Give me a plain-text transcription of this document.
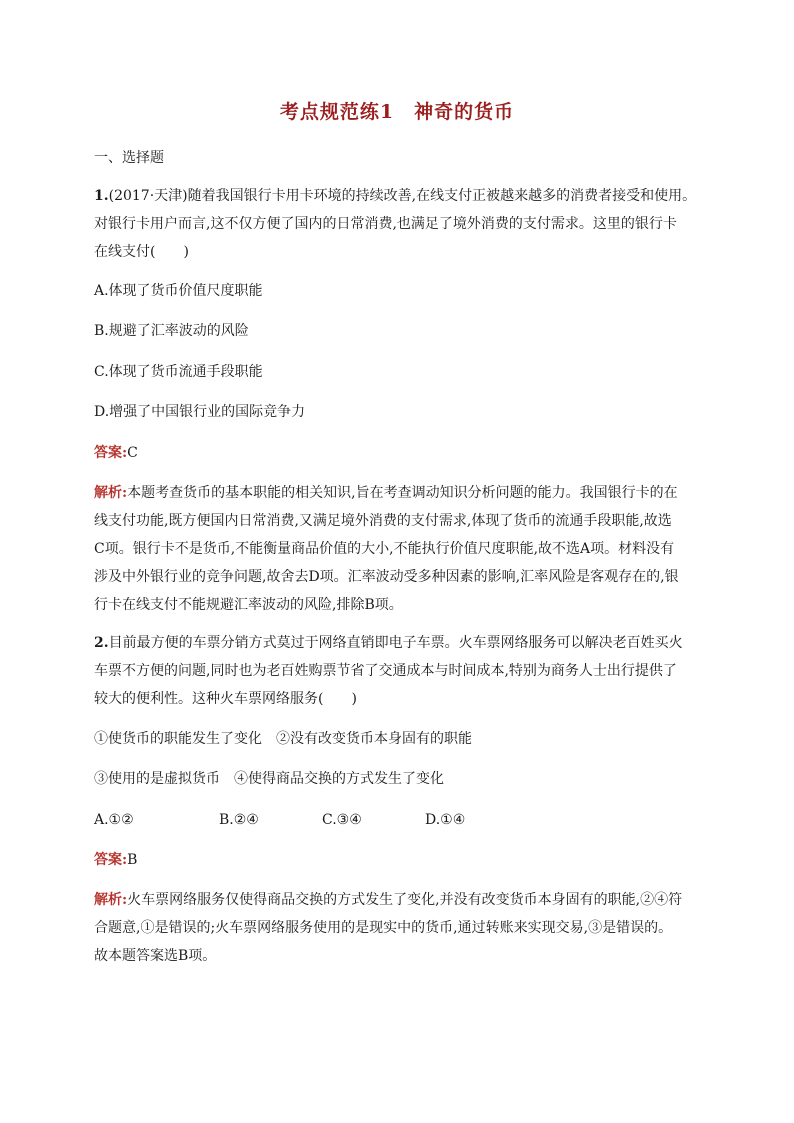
考点规范练1　神奇的货币
一、选择题
1.(2017·天津)随着我国银行卡用卡环境的持续改善,在线支付正被越来越多的消费者接受和使用。
对银行卡用户而言,这不仅方便了国内的日常消费,也满足了境外消费的支付需求。这里的银行卡
在线支付(　　)
A.体现了货币价值尺度职能
B.规避了汇率波动的风险
C.体现了货币流通手段职能
D.增强了中国银行业的国际竞争力
答案:C
解析:本题考查货币的基本职能的相关知识,旨在考查调动知识分析问题的能力。我国银行卡的在
线支付功能,既方便国内日常消费,又满足境外消费的支付需求,体现了货币的流通手段职能,故选
C项。银行卡不是货币,不能衡量商品价值的大小,不能执行价值尺度职能,故不选A项。材料没有
涉及中外银行业的竞争问题,故舍去D项。汇率波动受多种因素的影响,汇率风险是客观存在的,银
行卡在线支付不能规避汇率波动的风险,排除B项。
2.目前最方便的车票分销方式莫过于网络直销即电子车票。火车票网络服务可以解决老百姓买火
车票不方便的问题,同时也为老百姓购票节省了交通成本与时间成本,特别为商务人士出行提供了
较大的便利性。这种火车票网络服务(　　)
①使货币的职能发生了变化　②没有改变货币本身固有的职能
③使用的是虚拟货币　④使得商品交换的方式发生了变化
A.①②	B.②④	C.③④	D.①④
答案:B
解析:火车票网络服务仅使得商品交换的方式发生了变化,并没有改变货币本身固有的职能,②④符
合题意,①是错误的;火车票网络服务使用的是现实中的货币,通过转账来实现交易,③是错误的。
故本题答案选B项。
